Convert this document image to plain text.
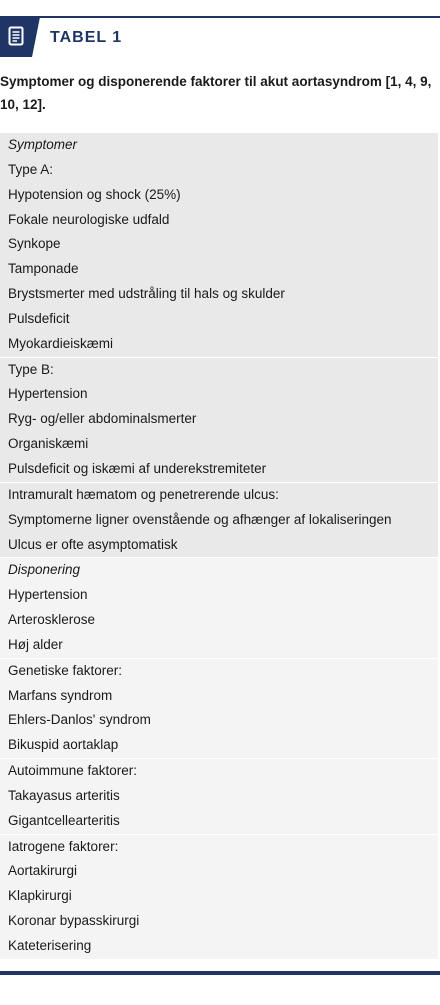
TABEL 1
Symptomer og disponerende faktorer til akut aortasyndrom [1, 4, 9, 10, 12].
Symptomer
Type A:
Hypotension og shock (25%)
Fokale neurologiske udfald
Synkope
Tamponade
Brystsmerter med udstråling til hals og skulder
Pulsdeficit
Myokardieiskæmi
Type B:
Hypertension
Ryg- og/eller abdominalsmerter
Organiskæmi
Pulsdeficit og iskæmi af underekstremiteter
Intramuralt hæmatom og penetrerende ulcus:
Symptomerne ligner ovenstående og afhænger af lokaliseringen
Ulcus er ofte asymptomatisk
Disponering
Hypertension
Arterosklerose
Høj alder
Genetiske faktorer:
Marfans syndrom
Ehlers-Danlos' syndrom
Bikuspid aortaklap
Autoimmune faktorer:
Takayasus arteritis
Gigantcellearteritis
Iatrogene faktorer:
Aortakirurgi
Klapkirurgi
Koronar bypasskirurgi
Kateterisering
